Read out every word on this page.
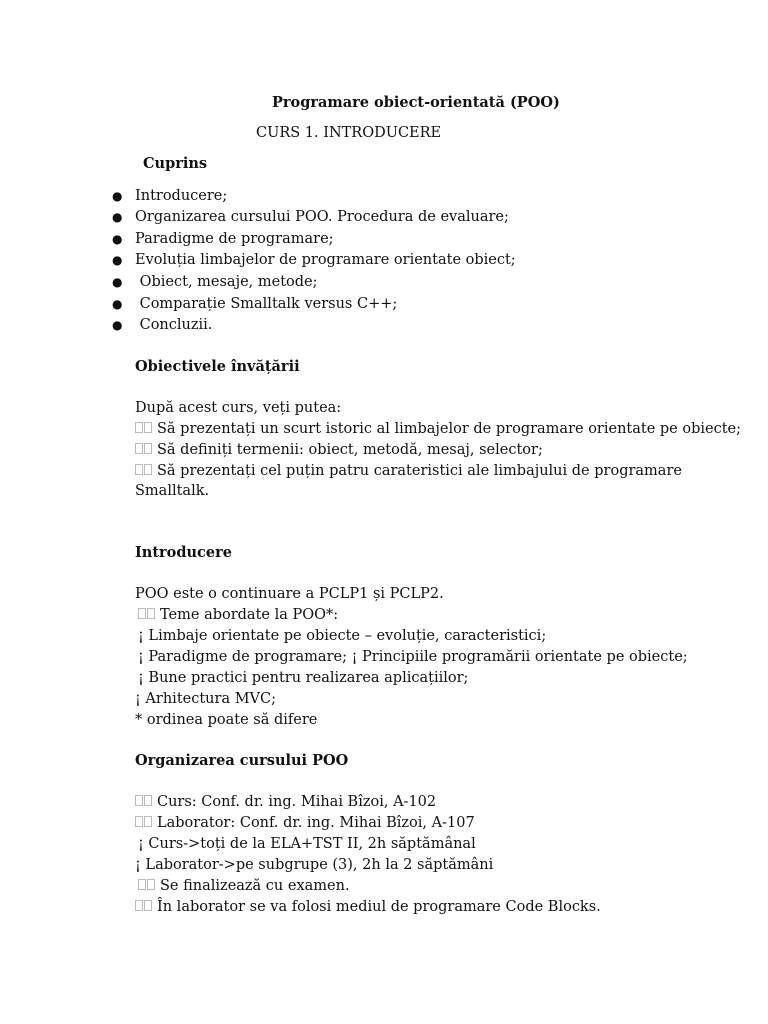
Programare obiect-orientată (POO)
CURS 1. INTRODUCERE
Cuprins
● Introducere;
● Organizarea cursului POO. Procedura de evaluare;
● Paradigme de programare;
● Evoluția limbajelor de programare orientate obiect;
● Obiect, mesaje, metode;
● Comparație Smalltalk versus C++;
● Concluzii.
Obiectivele învățării
După acest curs, veți putea:
Să prezentați un scurt istoric al limbajelor de programare orientate pe obiecte;
Să definiți termenii: obiect, metodă, mesaj, selector;
Să prezentați cel puțin patru carateristici ale limbajului de programare
Smalltalk.
Introducere
POO este o continuare a PCLP1 și PCLP2.
Teme abordate la POO*:
¡ Limbaje orientate pe obiecte – evoluție, caracteristici;
¡ Paradigme de programare; ¡ Principiile programării orientate pe obiecte;
¡ Bune practici pentru realizarea aplicațiilor;
¡ Arhitectura MVC;
* ordinea poate să difere
Organizarea cursului POO
Curs: Conf. dr. ing. Mihai Bîzoi, A-102
Laborator: Conf. dr. ing. Mihai Bîzoi, A-107
¡ Curs->toți de la ELA+TST II, 2h săptămânal
¡ Laborator->pe subgrupe (3), 2h la 2 săptămâni
Se finalizează cu examen.
În laborator se va folosi mediul de programare Code Blocks.
